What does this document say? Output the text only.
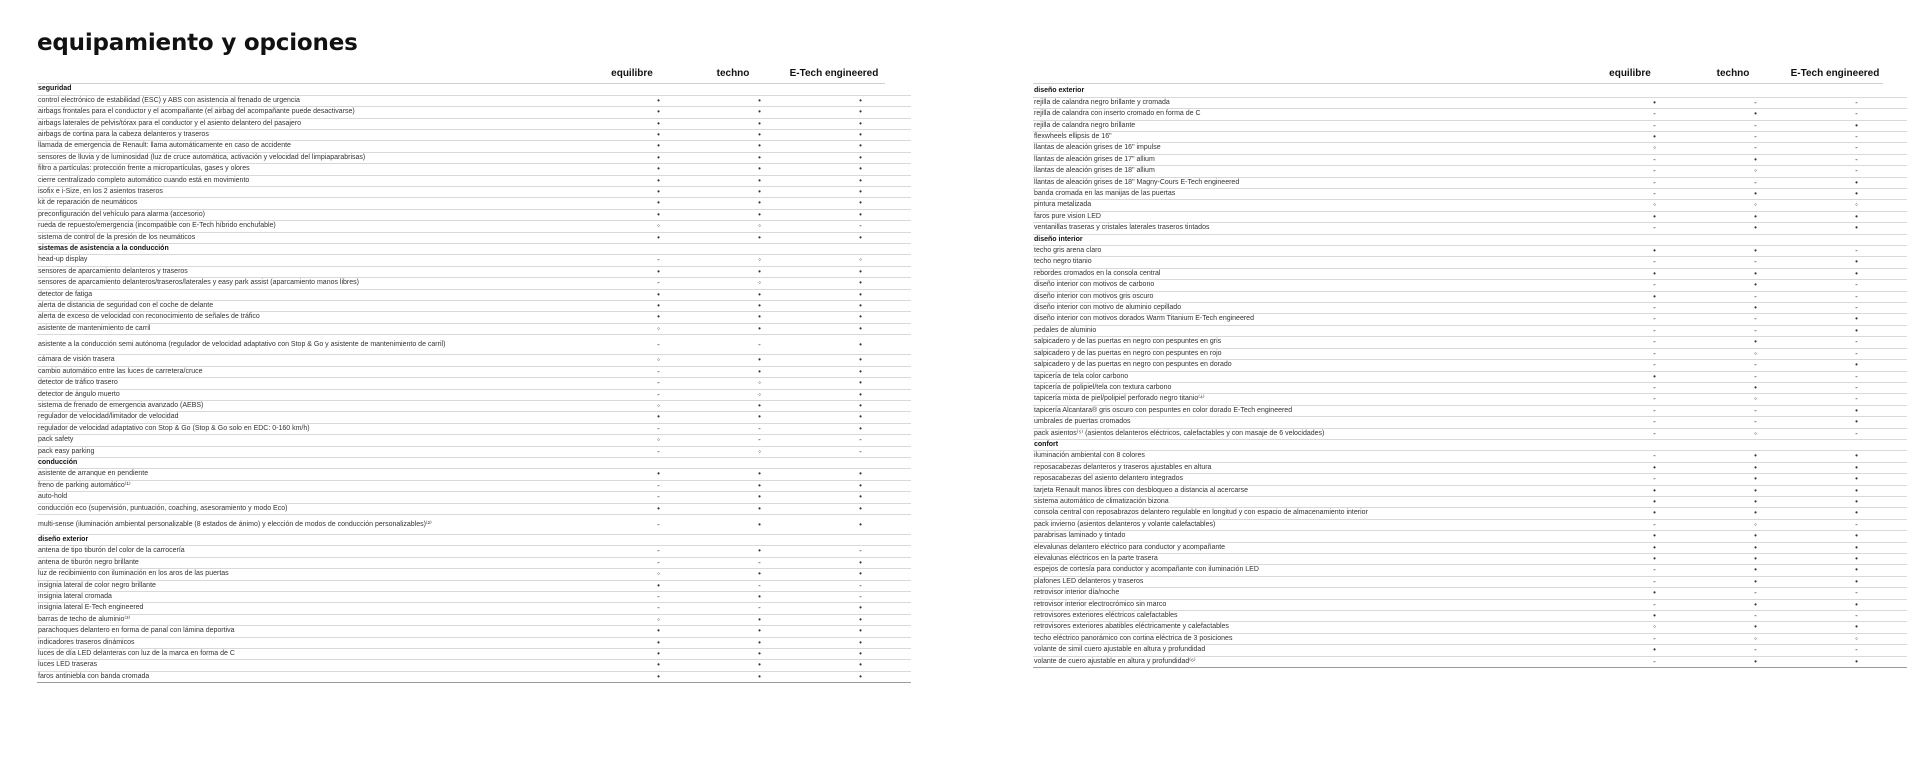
equipamiento y opciones
equilibre	techno	E-Tech engineered
seguridad			
control electrónico de estabilidad (ESC) y ABS con asistencia al frenado de urgencia	•	•	•
airbags frontales para el conductor y el acompañante (el airbag del acompañante puede desactivarse)	•	•	•
airbags laterales de pelvis/tórax para el conductor y el asiento delantero del pasajero	•	•	•
airbags de cortina para la cabeza delanteros y traseros	•	•	•
llamada de emergencia de Renault: llama automáticamente en caso de accidente	•	•	•
sensores de lluvia y de luminosidad (luz de cruce automática, activación y velocidad del limpiaparabrisas)	•	•	•
filtro a partículas: protección frente a micropartículas, gases y olores	•	•	•
cierre centralizado completo automático cuando está en movimiento	•	•	•
isofix e i-Size, en los 2 asientos traseros	•	•	•
kit de reparación de neumáticos	•	•	•
preconfiguración del vehículo para alarma (accesorio)	•	•	•
rueda de repuesto/emergencia (incompatible con E-Tech híbrido enchufable)	◦	◦	-
sistema de control de la presión de los neumáticos	•	•	•
sistemas de asistencia a la conducción			
head-up display	-	◦	◦
sensores de aparcamiento delanteros y traseros	•	•	•
sensores de aparcamiento delanteros/traseros/laterales y easy park assist (aparcamiento manos libres)	-	◦	•
detector de fatiga	•	•	•
alerta de distancia de seguridad con el coche de delante	•	•	•
alerta de exceso de velocidad con reconocimiento de señales de tráfico	•	•	•
asistente de mantenimiento de carril	◦	•	•
asistente a la conducción semi autónoma (regulador de velocidad adaptativo con Stop & Go y asistente de mantenimiento de carril)	-	-	•
cámara de visión trasera	◦	•	•
cambio automático entre las luces de carretera/cruce	-	•	•
detector de tráfico trasero	-	◦	•
detector de ángulo muerto	-	◦	•
sistema de frenado de emergencia avanzado (AEBS)	◦	•	•
regulador de velocidad/limitador de velocidad	•	•	•
regulador de velocidad adaptativo con Stop & Go (Stop & Go solo en EDC: 0-160 km/h)	-	-	•
pack safety	◦	-	-
pack easy parking	-	◦	-
conducción			
asistente de arranque en pendiente	•	•	•
freno de parking automático⁽¹⁾	-	•	•
auto-hold	-	•	•
conducción eco (supervisión, puntuación, coaching, asesoramiento y modo Eco)	•	•	•
multi-sense (iluminación ambiental personalizable (8 estados de ánimo) y elección de modos de conducción personalizables)⁽²⁾	-	•	•
diseño exterior			
antena de tipo tiburón del color de la carrocería	-	•	-
antena de tiburón negro brillante	-	-	•
luz de recibimiento con iluminación en los aros de las puertas	◦	•	•
insignia lateral de color negro brillante	•	-	-
insignia lateral cromada	-	•	-
insignia lateral E-Tech engineered	-	-	•
barras de techo de aluminio⁽³⁾	◦	•	•
parachoques delantero en forma de panal con lámina deportiva	•	•	•
indicadores traseros dinámicos	•	•	•
luces de día LED delanteras con luz de la marca en forma de C	•	•	•
luces LED traseras	•	•	•
faros antiniebla con banda cromada	•	•	•
equilibre	techno	E-Tech engineered
diseño exterior			
rejilla de calandra negro brillante y cromada	•	-	-
rejilla de calandra con inserto cromado en forma de C	-	•	-
rejilla de calandra negro brillante	-	-	•
flexwheels ellipsis de 16"	•	-	-
llantas de aleación grises de 16" impulse	◦	-	-
llantas de aleación grises de 17" allium	-	•	-
llantas de aleación grises de 18" allium	-	◦	-
llantas de aleación grises de 18" Magny-Cours E-Tech engineered	-	-	•
banda cromada en las manijas de las puertas	-	•	•
pintura metalizada	◦	◦	◦
faros pure vision LED	•	•	•
ventanillas traseras y cristales laterales traseros tintados	-	•	•
diseño interior			
techo gris arena claro	•	•	-
techo negro titanio	-	-	•
rebordes cromados en la consola central	•	•	•
diseño interior con motivos de carbono	-	•	-
diseño interior con motivos gris oscuro	•	-	-
diseño interior con motivo de aluminio cepillado	-	•	-
diseño interior con motivos dorados Warm Titanium E-Tech engineered	-	-	•
pedales de aluminio	-	-	•
salpicadero y de las puertas en negro con pespuntes en gris	-	•	-
salpicadero y de las puertas en negro con pespuntes en rojo	-	◦	-
salpicadero y de las puertas en negro con pespuntes en dorado	-	-	•
tapicería de tela color carbono	•	-	-
tapicería de polipiel/tela con textura carbono	-	•	-
tapicería mixta de piel/polipiel perforado negro titanio⁽⁴⁾	-	◦	-
tapicería Alcantara® gris oscuro con pespuntes en color dorado E-Tech engineered	-	-	•
umbrales de puertas cromados	-	-	•
pack asientos⁽⁵⁾ (asientos delanteros eléctricos, calefactables y con masaje de 6 velocidades)	-	◦	-
confort			
iluminación ambiental con 8 colores	-	•	•
reposacabezas delanteros y traseros ajustables en altura	•	•	•
reposacabezas del asiento delantero integrados	-	•	•
tarjeta Renault manos libres con desbloqueo a distancia al acercarse	•	•	•
sistema automático de climatización bizona	•	•	•
consola central con reposabrazos delantero regulable en longitud y con espacio de almacenamiento interior	•	•	•
pack invierno (asientos delanteros y volante calefactables)	-	◦	-
parabrisas laminado y tintado	•	•	•
elevalunas delantero eléctrico para conductor y acompañante	•	•	•
elevalunas eléctricos en la parte trasera	•	•	•
espejos de cortesía para conductor y acompañante con iluminación LED	-	•	•
plafones LED delanteros y traseros	-	•	•
retrovisor interior día/noche	•	-	-
retrovisor interior electrocrómico sin marco	-	•	•
retrovisores exteriores eléctricos calefactables	•	-	-
retrovisores exteriores abatibles eléctricamente y calefactables	◦	•	•
techo eléctrico panorámico con cortina eléctrica de 3 posiciones	-	◦	◦
volante de simil cuero ajustable en altura y profundidad	•	-	-
volante de cuero ajustable en altura y profundidad⁽⁶⁾	-	•	•
